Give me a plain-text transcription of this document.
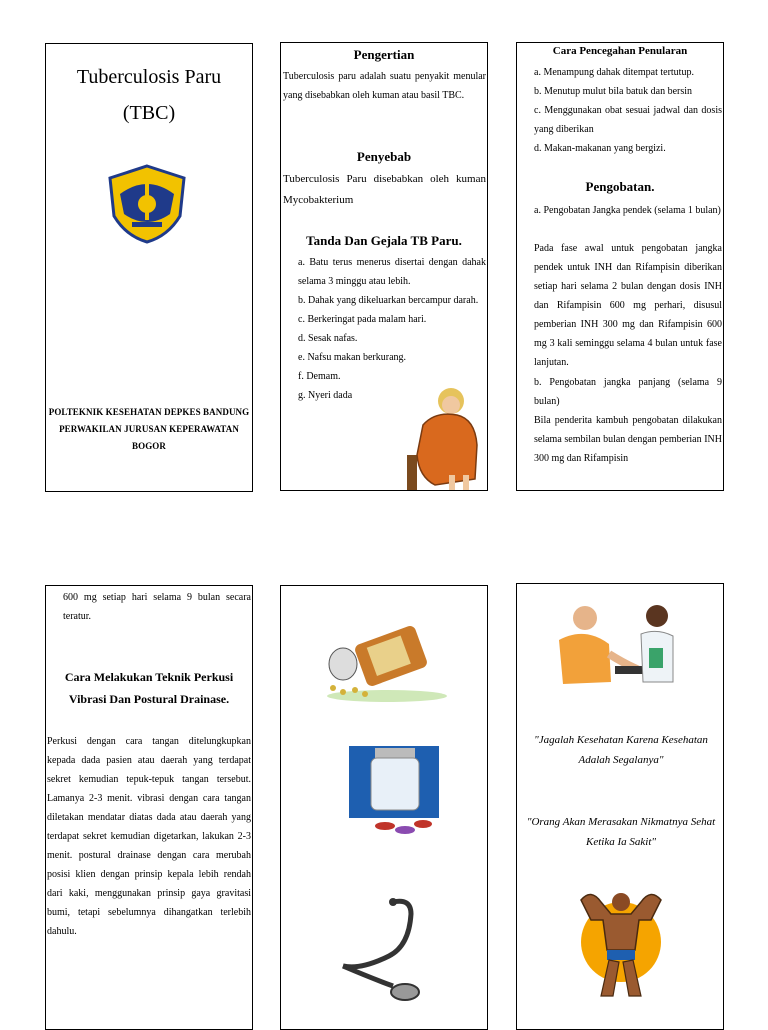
Tuberculosis Paru
(TBC)
POLTEKNIK KESEHATAN DEPKES BANDUNG
PERWAKILAN JURUSAN KEPERAWATAN
BOGOR
Pengertian
Tuberculosis paru adalah suatu penyakit menular yang disebabkan oleh kuman atau basil TBC.
Penyebab
Tuberculosis Paru disebabkan oleh kuman Mycobakterium
Tanda Dan Gejala TB Paru.
a. Batu terus menerus disertai dengan dahak selama 3 minggu atau lebih.
b. Dahak yang dikeluarkan bercampur darah.
c. Berkeringat pada malam hari.
d. Sesak nafas.
e. Nafsu makan berkurang.
f. Demam.
g. Nyeri dada
Cara Pencegahan Penularan
a. Menampung dahak ditempat tertutup.
b. Menutup mulut bila batuk dan bersin
c. Menggunakan obat sesuai jadwal dan dosis yang diberikan
d. Makan-makanan yang bergizi.
Pengobatan.
a. Pengobatan Jangka pendek (selama 1 bulan)
Pada fase awal untuk pengobatan jangka pendek untuk INH dan Rifampisin diberikan setiap hari selama 2 bulan dengan dosis INH dan Rifampisin 600 mg perhari, disusul pemberian INH 300 mg dan Rifampisin 600 mg 3 kali seminggu selama 4 bulan untuk fase lanjutan.
b. Pengobatan jangka panjang (selama 9 bulan)
Bila penderita kambuh pengobatan dilakukan selama sembilan bulan dengan pemberian INH 300 mg dan Rifampisin
600 mg setiap hari selama 9 bulan secara teratur.
Cara Melakukan Teknik Perkusi
Vibrasi Dan Postural Drainase.
Perkusi dengan cara tangan ditelungkupkan kepada dada pasien atau daerah yang terdapat sekret kemudian tepuk-tepuk tangan tersebut. Lamanya 2-3 menit. vibrasi dengan cara tangan diletakan mendatar diatas dada atau daerah yang terdapat sekret kemudian digetarkan, lakukan 2-3 menit. postural drainase dengan cara merubah posisi klien dengan prinsip kepala lebih rendah dari kaki, menggunakan prinsip gaya gravitasi bumi, tetapi sebelumnya dihangatkan terlebih dahulu.
"Jagalah Kesehatan Karena Kesehatan Adalah Segalanya"
"Orang Akan Merasakan Nikmatnya Sehat Ketika Ia Sakit"
